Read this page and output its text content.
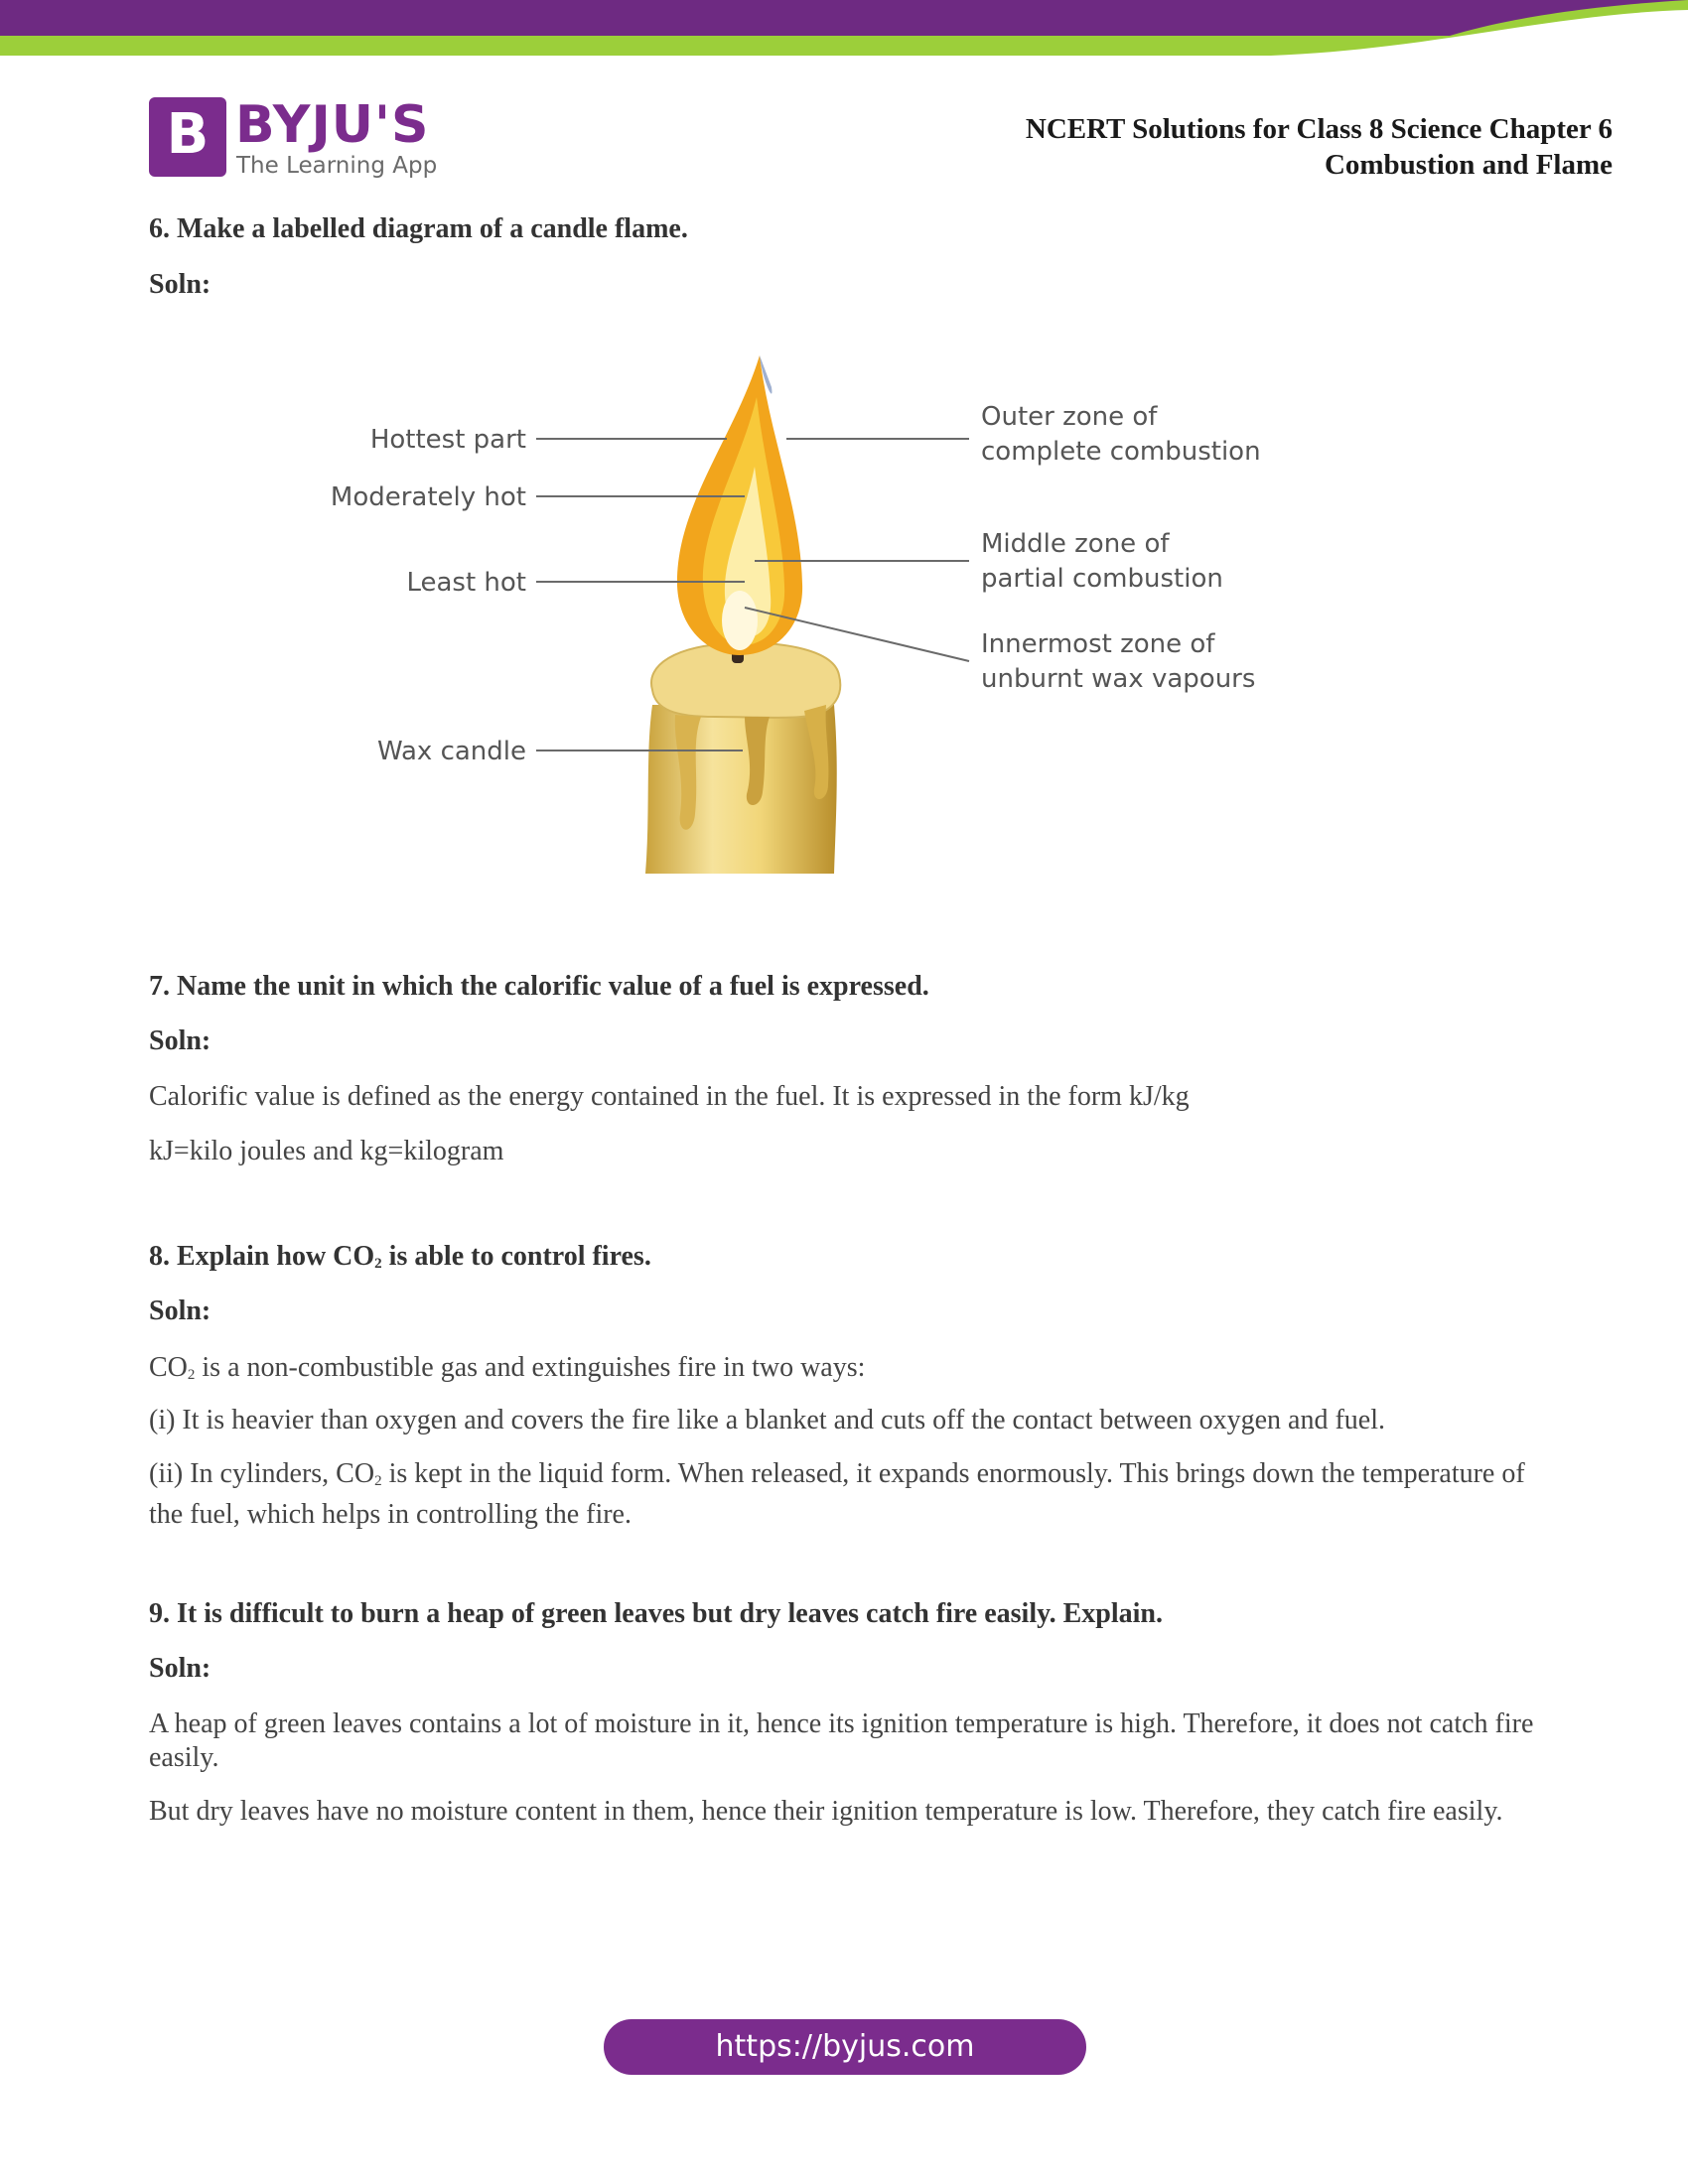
B BYJU'S
The Learning App
NCERT Solutions for Class 8 Science Chapter 6
Combustion and Flame
6. Make a labelled diagram of a candle flame.
Soln:
Hottest part
Moderately hot
Least hot
Wax candle
Outer zone of
complete combustion
Middle zone of
partial combustion
Innermost zone of
unburnt wax vapours
7. Name the unit in which the calorific value of a fuel is expressed.
Soln:
Calorific value is defined as the energy contained in the fuel. It is expressed in the form kJ/kg
kJ=kilo joules and kg=kilogram
8. Explain how $CO_2$ is able to control fires.
Soln:
$CO_2$ is a non-combustible gas and extinguishes fire in two ways:
(i) It is heavier than oxygen and covers the fire like a blanket and cuts off the contact between oxygen and fuel.
(ii) In cylinders, $CO_2$ is kept in the liquid form. When released, it expands enormously. This brings down the temperature of the fuel, which helps in controlling the fire.
9. It is difficult to burn a heap of green leaves but dry leaves catch fire easily. Explain.
Soln:
A heap of green leaves contains a lot of moisture in it, hence its ignition temperature is high. Therefore, it does not catch fire easily.
But dry leaves have no moisture content in them, hence their ignition temperature is low. Therefore, they catch fire easily.
https://byjus.com
